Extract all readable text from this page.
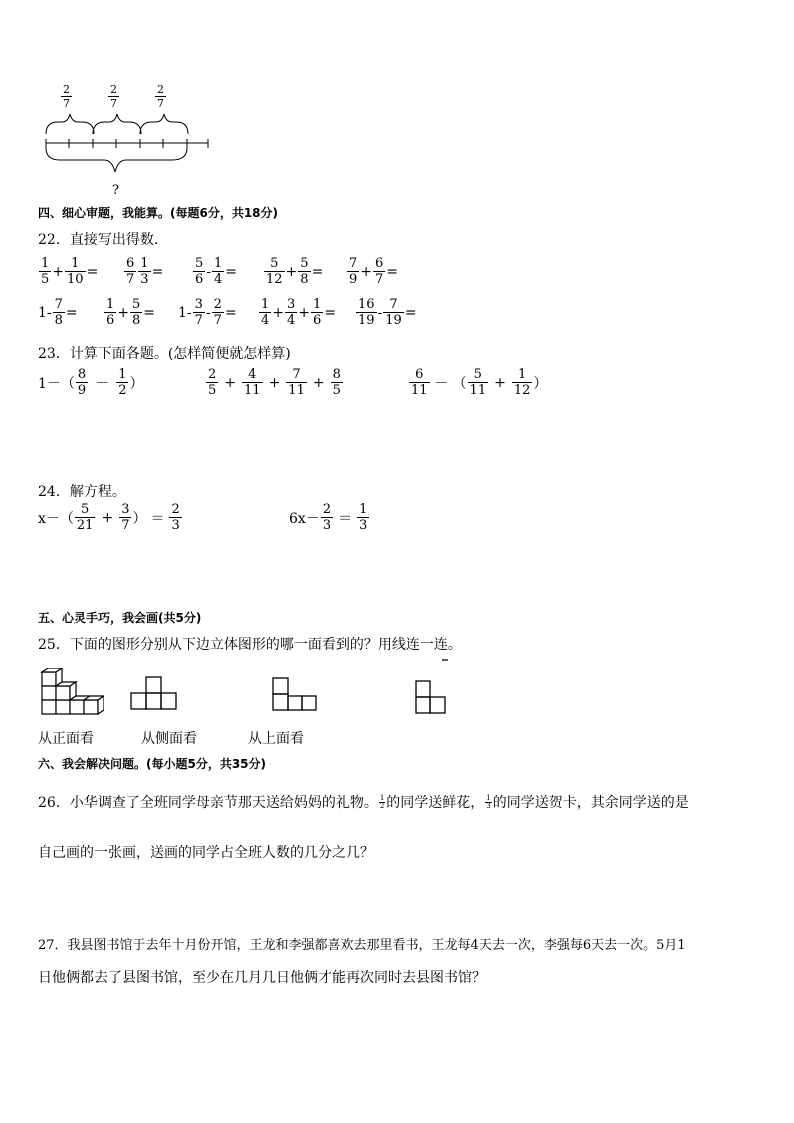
$\frac{2}{7}$	$\frac{2}{7}$	$\frac{2}{7}$
?
四、细心审题，我能算。(每题6分，共18分)
22．直接写出得数．
$\frac{1}{5} + \frac{1}{10} = \frac{6}{7} \frac{1}{3} = \frac{5}{6} - \frac{1}{4} = \frac{5}{12} + \frac{5}{8} = \frac{7}{9} + \frac{6}{7}$ =
$1- \frac{7}{8} = \frac{1}{6} + \frac{5}{8} = 1- \frac{3}{7} - \frac{2}{7} = \frac{1}{4} + \frac{3}{4} + \frac{1}{6} = \frac{16}{19} - \frac{7}{19}$ =
23．计算下面各题。(怎样简便就怎样算)
$1-( \frac{8}{9} - \frac{1}{2}$ ）	$\frac{2}{5} + \frac{4}{11} + \frac{7}{11} + \frac{8}{5}$	$\frac{6}{11}$ － （ $\frac{5}{11} + \frac{1}{12}$ ）
24．解方程。
$x-( \frac{5}{21} + \frac{3}{7}$ ） ＝ $\frac{2}{3}$	$6x- \frac{2}{3} = \frac{1}{3}$
五、心灵手巧，我会画(共5分)
25．下面的图形分别从下边立体图形的哪一面看到的？用线连一连。
从正面看	从侧面看	从上面看
六、我会解决问题。(每小题5分，共35分)
26．小华调查了全班同学母亲节那天送给妈妈的礼物。 $\frac{1}{2}$ 的同学送鲜花， $\frac{1}{3}$ 的同学送贺卡，其余同学送的是
自己画的一张画，送画的同学占全班人数的几分之几？
27．我县图书馆于去年十月份开馆，王龙和李强都喜欢去那里看书，王龙每4天去一次，李强每6天去一次。5月1
日他俩都去了县图书馆，至少在几月几日他俩才能再次同时去县图书馆？
